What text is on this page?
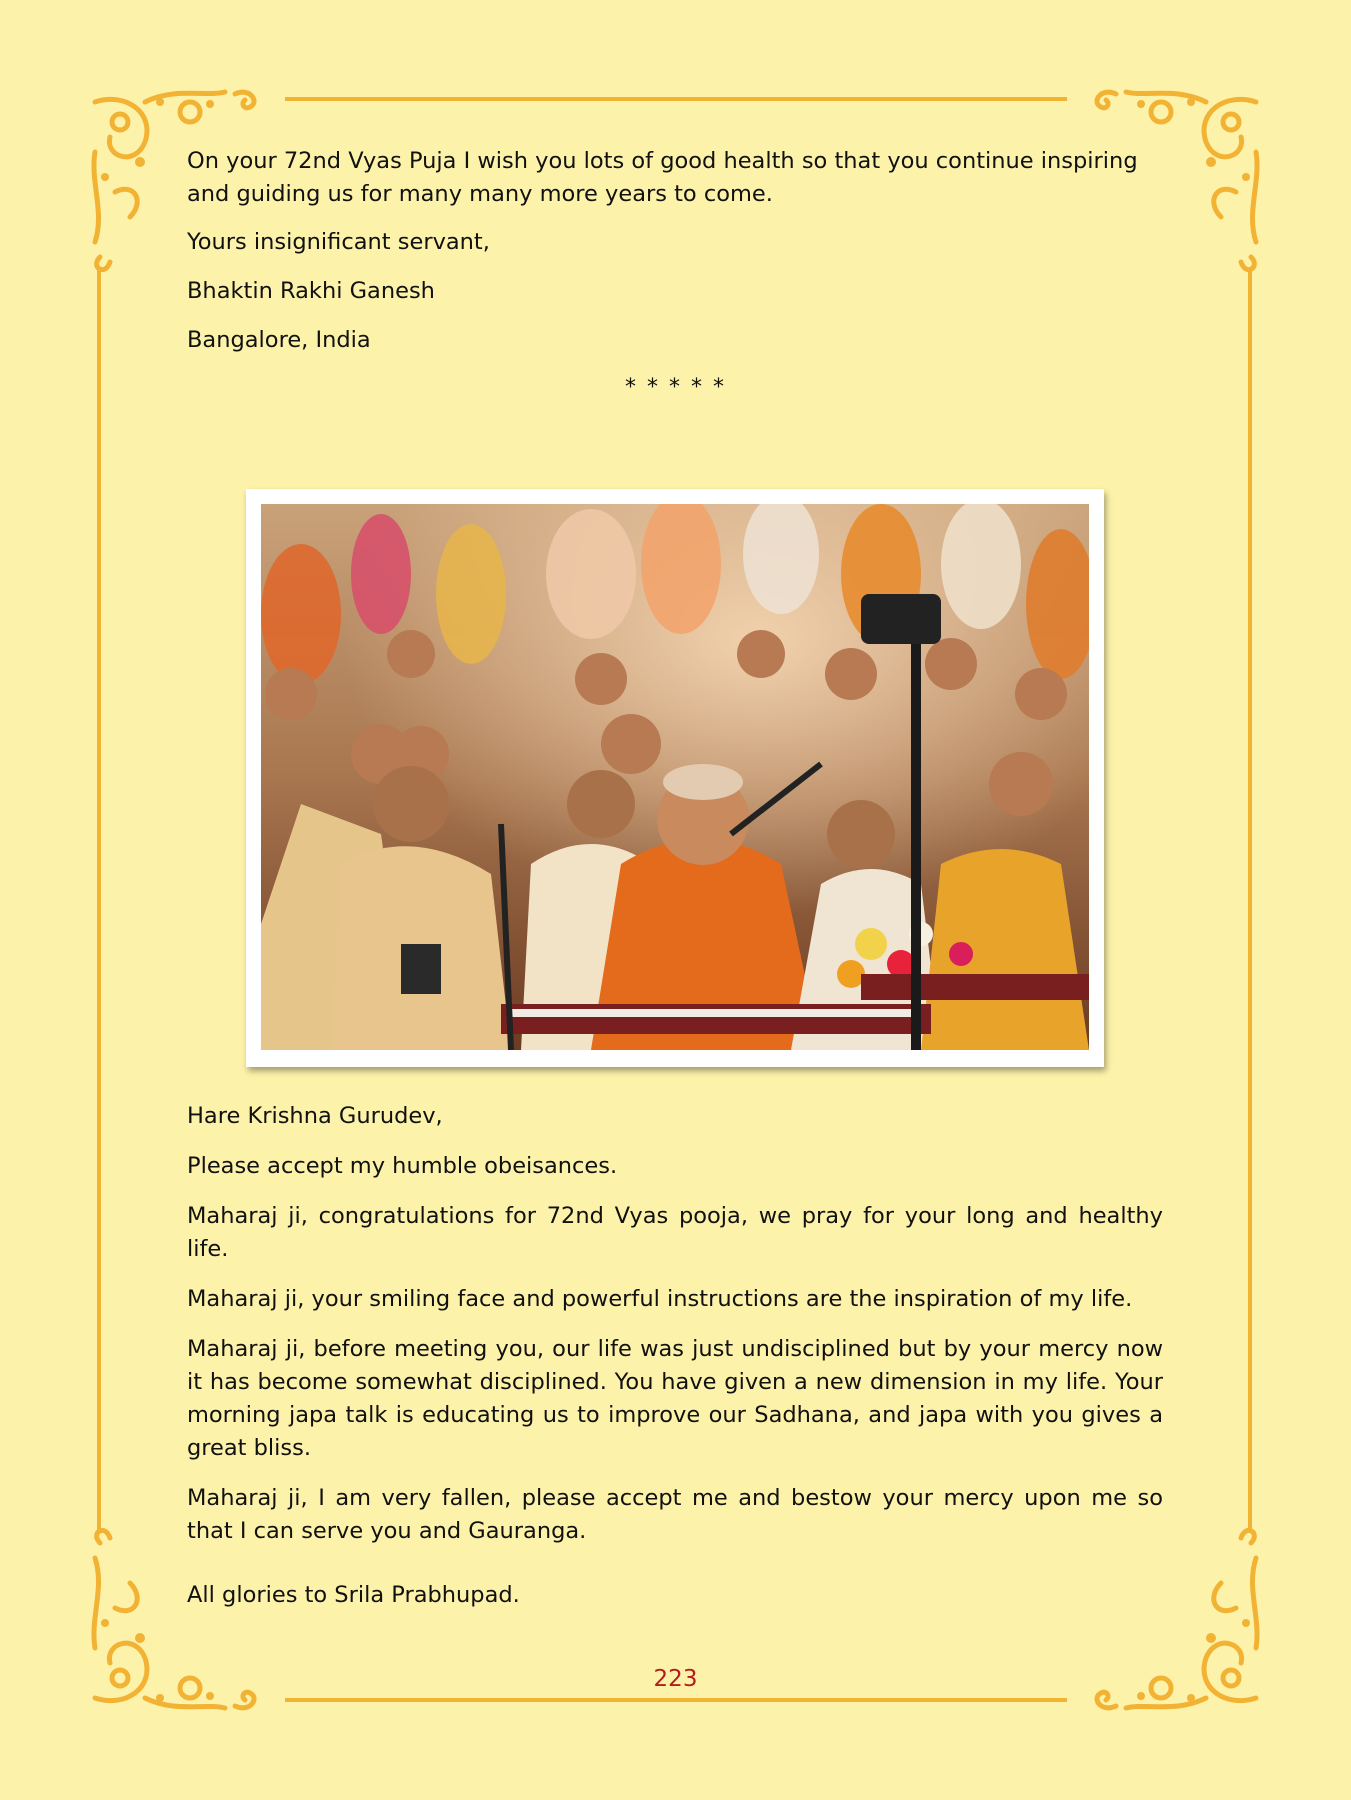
On your 72nd Vyas Puja I wish you lots of good health so that you continue inspiring and guiding us for many many more years to come.

Yours insignificant servant,

Bhaktin Rakhi Ganesh

Bangalore, India

* * * * *

Hare Krishna Gurudev,

Please accept my humble obeisances.

Maharaj ji, congratulations for 72nd Vyas pooja, we pray for your long and healthy life.

Maharaj ji, your smiling face and powerful instructions are the inspiration of my life.

Maharaj ji, before meeting you, our life was just undisciplined but by your mercy now it has become somewhat disciplined. You have given a new dimension in my life. Your morning japa talk is educating us to improve our Sadhana, and japa with you gives a great bliss.

Maharaj ji, I am very fallen, please accept me and bestow your mercy upon me so that I can serve you and Gauranga.

All glories to Srila Prabhupad.
223
